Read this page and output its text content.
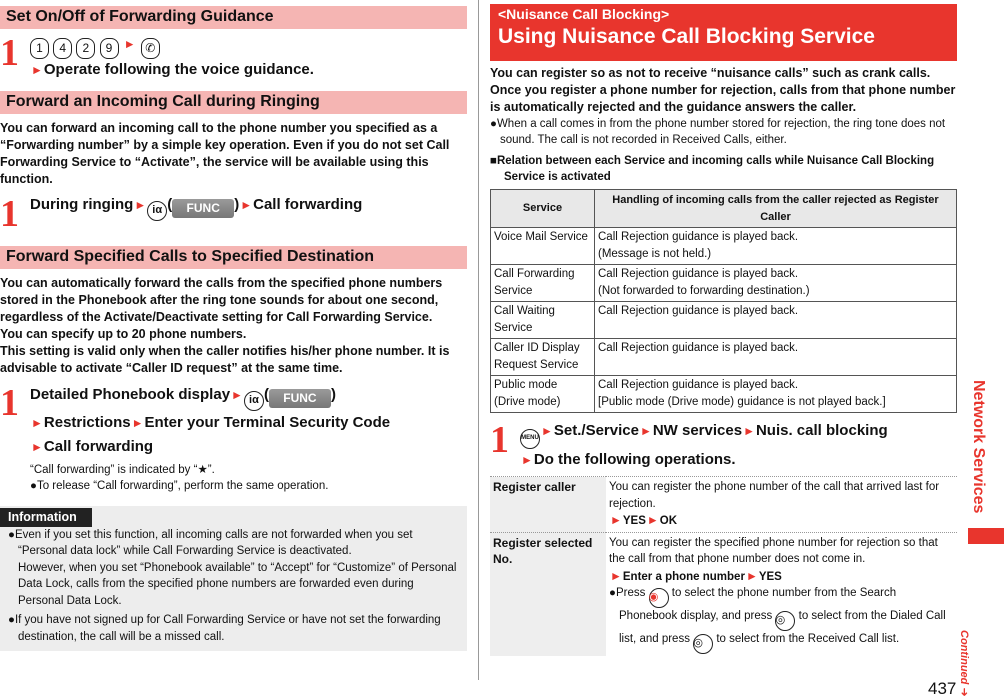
Set On/Off of Forwarding Guidance
1	1 4 2 9 ► ✆
►Operate following the voice guidance.
Forward an Incoming Call during Ringing

You can forward an incoming call to the phone number you specified as a “Forwarding number” by a simple key operation. Even if you do not set Call Forwarding Service to “Activate”, the service will be available using this function.

1 During ringing► iα ( FUNC )►Call forwarding
Forward Specified Calls to Specified Destination

You can automatically forward the calls from the specified phone numbers stored in the Phonebook after the ring tone sounds for about one second, regardless of the Activate/Deactivate setting for Call Forwarding Service.

You can specify up to 20 phone numbers.

This setting is valid only when the caller notifies his/her phone number. It is advisable to activate “Caller ID request” at the same time.

1 Detailed Phonebook display► iα ( FUNC )
►Restrictions►Enter your Terminal Security Code
►Call forwarding

“Call forwarding” is indicated by “★”.

●To release “Call forwarding”, perform the same operation.

Information

●Even if you set this function, all incoming calls are not forwarded when you set “Personal data lock” while Call Forwarding Service is deactivated.

However, when you set “Phonebook available” to “Accept” for “Customize” of Personal Data Lock, calls from the specified phone numbers are forwarded even during Personal Data Lock.

●If you have not signed up for Call Forwarding Service or have not set the forwarding destination, the call will be a missed call.

<Nuisance Call Blocking>
Using Nuisance Call Blocking Service

You can register so as not to receive “nuisance calls” such as crank calls.

Once you register a phone number for rejection, calls from that phone number is automatically rejected and the guidance answers the caller.

●When a call comes in from the phone number stored for rejection, the ring tone does not sound. The call is not recorded in Received Calls, either.

■Relation between each Service and incoming calls while Nuisance Call Blocking Service is activated

Service	Handling of incoming calls from the caller rejected as Register Caller
Voice Mail Service	Call Rejection guidance is played back.
(Message is not held.)

Call Forwarding Service	Call Rejection guidance is played back.
(Not forwarded to forwarding destination.)

Call Waiting Service	Call Rejection guidance is played back.

Caller ID Display Request Service	Call Rejection guidance is played back.

Public mode (Drive mode)	Call Rejection guidance is played back.
[Public mode (Drive mode) guidance is not played back.]
1 MENU ►Set./Service►NW services►Nuis. call blocking
►Do the following operations.
Register caller	You can register the phone number of the call that arrived last for rejection.
►YES►OK

Register selected No.	You can register the specified phone number for rejection so that the call from that phone number does not come in.
►Enter a phone number►YES
●Press ◉ to select the phone number from the Search Phonebook display, and press ◎ to select from the Dialed Call list, and press ◎ to select from the Received Call list.
Network Services
Continued ➜
437
